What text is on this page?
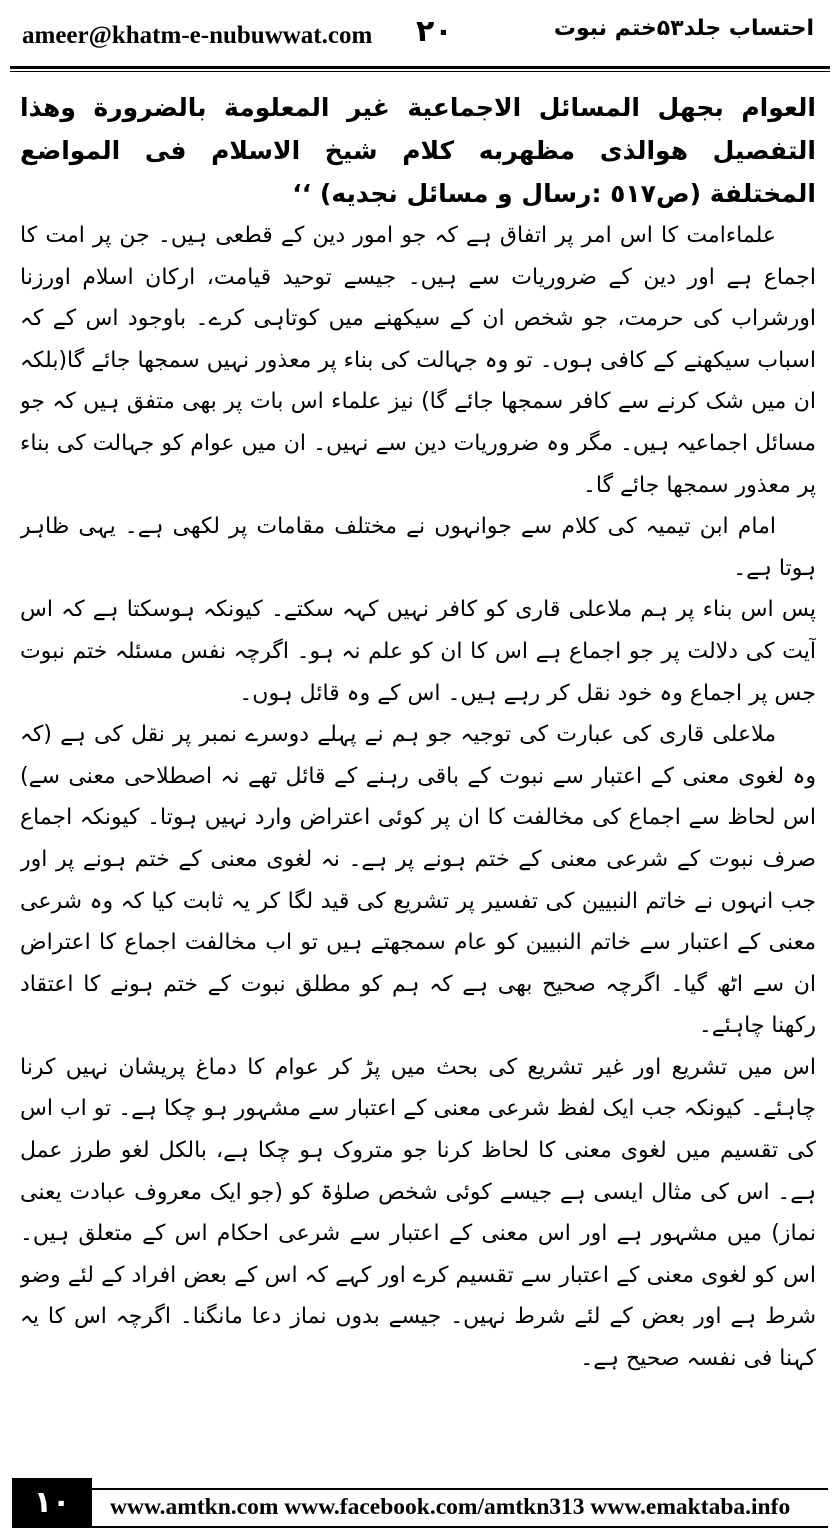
ameer@khatm-e-nubuwwat.com ۲۰	احتساب جلد۵۳ختم نبوت

العوام بجهل المسائل الاجماعية غير المعلومة بالضرورة وهذا التفصيل هوالذى مظهربه كلام شيخ الاسلام فى المواضع المختلفة (ص٥١٧ :رسال و مسائل نجديه) ‘‘

علماءامت کا اس امر پر اتفاق ہے کہ جو امور دین کے قطعی ہیں۔ جن پر امت کا اجماع ہے اور دین کے ضروریات سے ہیں۔ جیسے توحید قیامت، ارکان اسلام اورزنا اورشراب کی حرمت، جو شخص ان کے سیکھنے میں کوتاہی کرے۔ باوجود اس کے کہ اسباب سیکھنے کے کافی ہوں۔ تو وہ جہالت کی بناء پر معذور نہیں سمجھا جائے گا(بلکہ ان میں شک کرنے سے کافر سمجھا جائے گا) نیز علماء اس بات پر بھی متفق ہیں کہ جو مسائل اجماعیہ ہیں۔ مگر وہ ضروریات دین سے نہیں۔ ان میں عوام کو جہالت کی بناء پر معذور سمجھا جائے گا۔

امام ابن تیمیہ کی کلام سے جوانہوں نے مختلف مقامات پر لکھی ہے۔ یہی ظاہر ہوتا ہے۔

پس اس بناء پر ہم ملاعلی قاری کو کافر نہیں کہہ سکتے۔ کیونکہ ہوسکتا ہے کہ اس آیت کی دلالت پر جو اجماع ہے اس کا ان کو علم نہ ہو۔ اگرچہ نفس مسئلہ ختم نبوت جس پر اجماع وہ خود نقل کر رہے ہیں۔ اس کے وہ قائل ہوں۔

ملاعلی قاری کی عبارت کی توجیہ جو ہم نے پہلے دوسرے نمبر پر نقل کی ہے (کہ وہ لغوی معنی کے اعتبار سے نبوت کے باقی رہنے کے قائل تھے نہ اصطلاحی معنی سے) اس لحاظ سے اجماع کی مخالفت کا ان پر کوئی اعتراض وارد نہیں ہوتا۔ کیونکہ اجماع صرف نبوت کے شرعی معنی کے ختم ہونے پر ہے۔ نہ لغوی معنی کے ختم ہونے پر اور جب انہوں نے خاتم النبیین کی تفسیر پر تشریع کی قید لگا کر یہ ثابت کیا کہ وہ شرعی معنی کے اعتبار سے خاتم النبیین کو عام سمجھتے ہیں تو اب مخالفت اجماع کا اعتراض ان سے اٹھ گیا۔ اگرچہ صحیح بھی ہے کہ ہم کو مطلق نبوت کے ختم ہونے کا اعتقاد رکھنا چاہئے۔

اس میں تشریع اور غیر تشریع کی بحث میں پڑ کر عوام کا دماغ پریشان نہیں کرنا چاہئے۔ کیونکہ جب ایک لفظ شرعی معنی کے اعتبار سے مشہور ہو چکا ہے۔ تو اب اس کی تقسیم میں لغوی معنی کا لحاظ کرنا جو متروک ہو چکا ہے، بالکل لغو طرز عمل ہے۔ اس کی مثال ایسی ہے جیسے کوئی شخص صلوٰۃ کو (جو ایک معروف عبادت یعنی نماز) میں مشہور ہے اور اس معنی کے اعتبار سے شرعی احکام اس کے متعلق ہیں۔ اس کو لغوی معنی کے اعتبار سے تقسیم کرے اور کہے کہ اس کے بعض افراد کے لئے وضو شرط ہے اور بعض کے لئے شرط نہیں۔ جیسے بدوں نماز دعا مانگنا۔ اگرچہ اس کا یہ کہنا فی نفسہ صحیح ہے۔

۱۰	www.amtkn.com www.facebook.com/amtkn313 www.emaktaba.info
